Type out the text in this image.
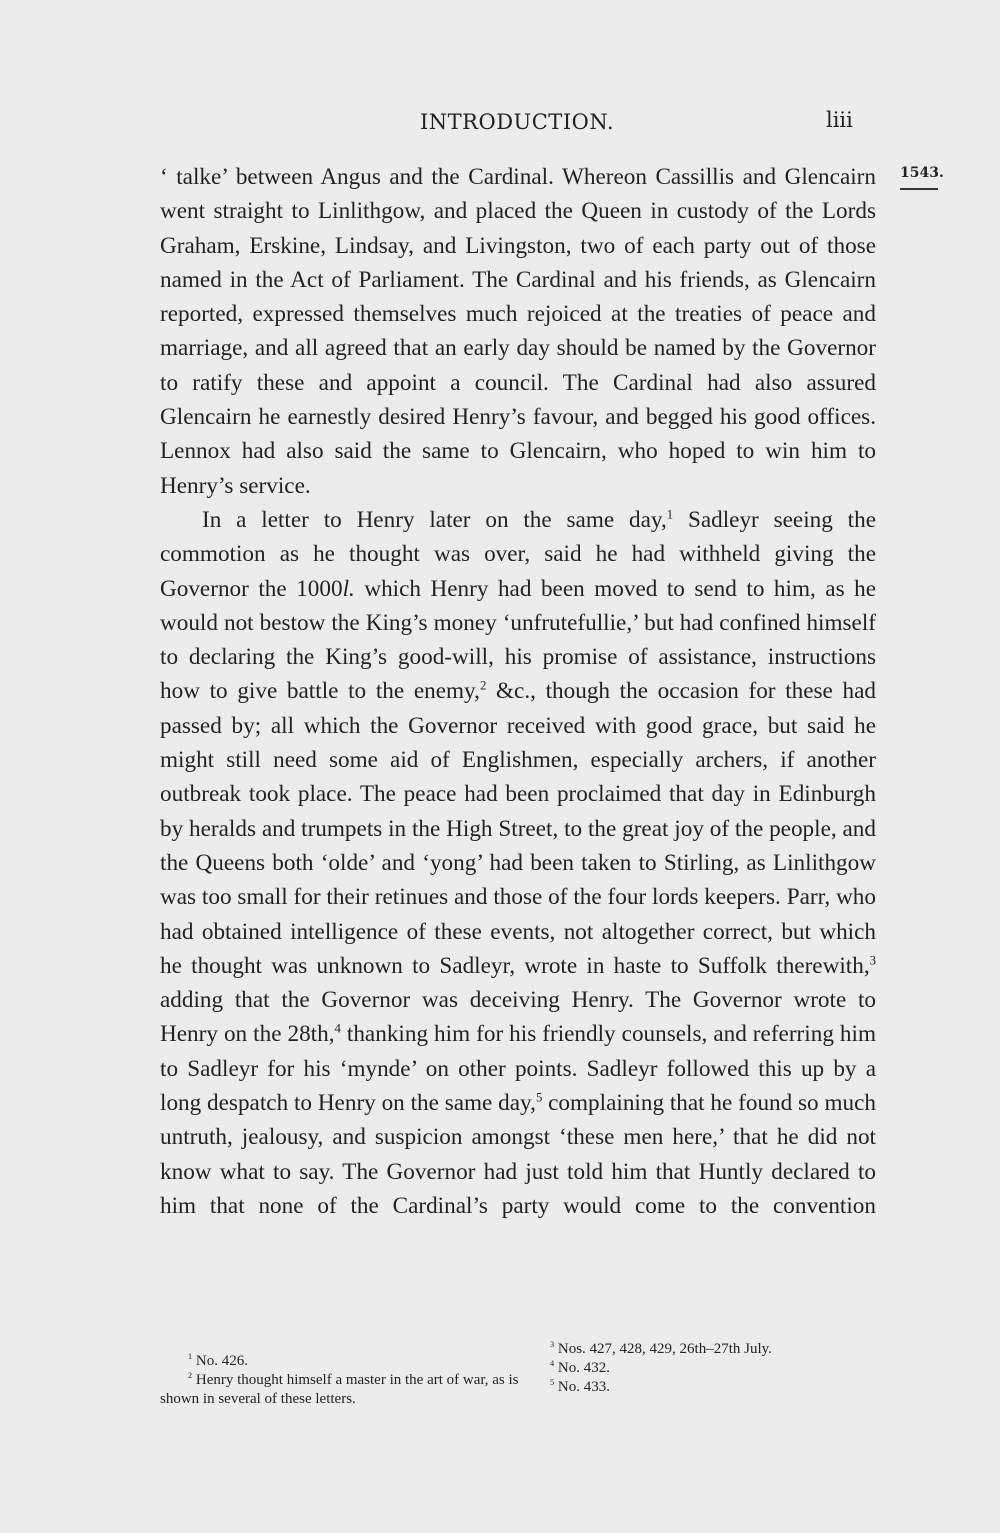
INTRODUCTION.	liii
1543.

‘ talke’ between Angus and the Cardinal. Whereon Cassillis and Glencairn went straight to Linlithgow, and placed the Queen in custody of the Lords Graham, Erskine, Lindsay, and Livingston, two of each party out of those named in the Act of Parliament. The Cardinal and his friends, as Glencairn reported, expressed themselves much rejoiced at the treaties of peace and marriage, and all agreed that an early day should be named by the Governor to ratify these and appoint a council. The Cardinal had also assured Glencairn he earnestly desired Henry’s favour, and begged his good offices. Lennox had also said the same to Glencairn, who hoped to win him to Henry’s service.

In a letter to Henry later on the same day,$^1$ Sadleyr seeing the commotion as he thought was over, said he had withheld giving the Governor the 1000l. which Henry had been moved to send to him, as he would not bestow the King’s money ‘unfrutefullie,’ but had confined himself to declaring the King’s good-will, his promise of assistance, instructions how to give battle to the enemy,$^2$ &c., though the occasion for these had passed by; all which the Governor received with good grace, but said he might still need some aid of Englishmen, especially archers, if another outbreak took place. The peace had been proclaimed that day in Edinburgh by heralds and trumpets in the High Street, to the great joy of the people, and the Queens both ‘olde’ and ‘yong’ had been taken to Stirling, as Linlithgow was too small for their retinues and those of the four lords keepers. Parr, who had obtained intelligence of these events, not altogether correct, but which he thought was unknown to Sadleyr, wrote in haste to Suffolk therewith,$^3$ adding that the Governor was deceiving Henry. The Governor wrote to Henry on the 28th,$^4$ thanking him for his friendly counsels, and referring him to Sadleyr for his ‘mynde’ on other points. Sadleyr followed this up by a long despatch to Henry on the same day,$^5$ complaining that he found so much untruth, jealousy, and suspicion amongst ‘these men here,’ that he did not know what to say. The Governor had just told him that Huntly declared to him that none of the Cardinal’s party would come to the convention

$^1$ No. 426.

$^2$ Henry thought himself a master in the art of war, as is shown in several of these letters.

$^3$ Nos. 427, 428, 429, 26th–27th July.

$^4$ No. 432.

$^5$ No. 433.
